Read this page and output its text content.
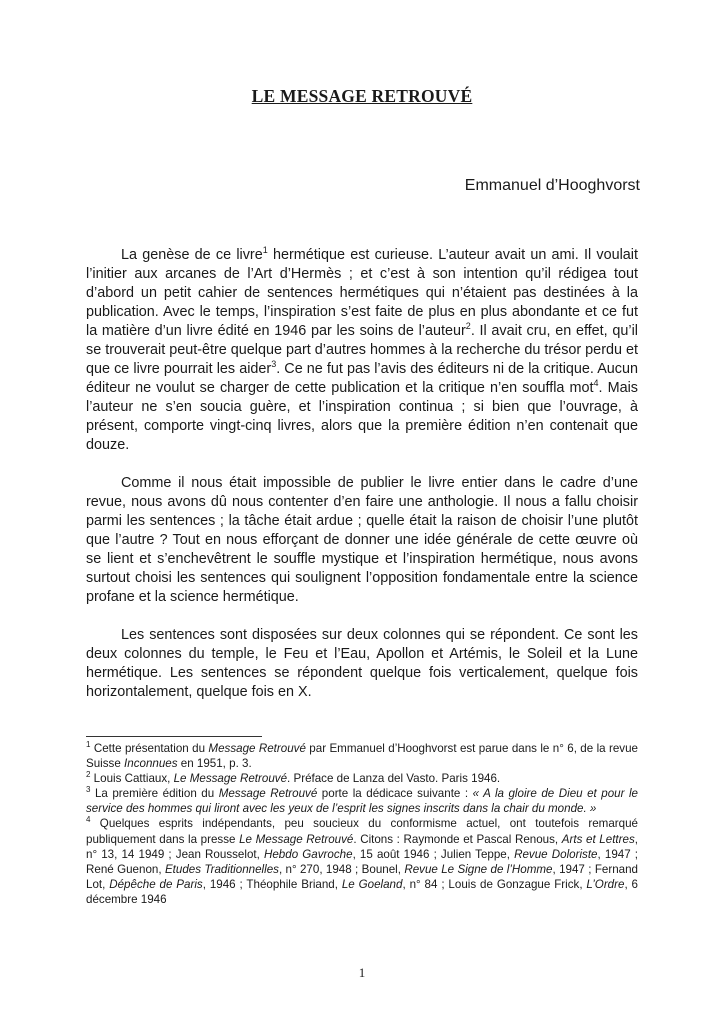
LE MESSAGE RETROUVÉ
Emmanuel d’Hooghvorst

La genèse de ce livre$^1$ hermétique est curieuse. L’auteur avait un ami. Il voulait l’initier aux arcanes de l’Art d’Hermès ; et c’est à son intention qu’il rédigea tout d’abord un petit cahier de sentences hermétiques qui n’étaient pas destinées à la publication. Avec le temps, l’inspiration s’est faite de plus en plus abondante et ce fut la matière d’un livre édité en 1946 par les soins de l’auteur$^2$. Il avait cru, en effet, qu’il se trouverait peut-être quelque part d’autres hommes à la recherche du trésor perdu et que ce livre pourrait les aider$^3$. Ce ne fut pas l’avis des éditeurs ni de la critique. Aucun éditeur ne voulut se charger de cette publication et la critique n’en souffla mot$^4$. Mais l’auteur ne s’en soucia guère, et l’inspiration continua ; si bien que l’ouvrage, à présent, comporte vingt-cinq livres, alors que la première édition n’en contenait que douze.

Comme il nous était impossible de publier le livre entier dans le cadre d’une revue, nous avons dû nous contenter d’en faire une anthologie. Il nous a fallu choisir parmi les sentences ; la tâche était ardue ; quelle était la raison de choisir l’une plutôt que l’autre ? Tout en nous efforçant de donner une idée générale de cette œuvre où se lient et s’enchevêtrent le souffle mystique et l’inspiration hermétique, nous avons surtout choisi les sentences qui soulignent l’opposition fondamentale entre la science profane et la science hermétique.

Les sentences sont disposées sur deux colonnes qui se répondent. Ce sont les deux colonnes du temple, le Feu et l’Eau, Apollon et Artémis, le Soleil et la Lune hermétique. Les sentences se répondent quelque fois verticalement, quelque fois horizontalement, quelque fois en X.

$^1$ Cette présentation du Message Retrouvé par Emmanuel d’Hooghvorst est parue dans le n° 6, de la revue Suisse Inconnues en 1951, p. 3.

$^2$ Louis Cattiaux, Le Message Retrouvé. Préface de Lanza del Vasto. Paris 1946.

$^3$ La première édition du Message Retrouvé porte la dédicace suivante : « A la gloire de Dieu et pour le service des hommes qui liront avec les yeux de l’esprit les signes inscrits dans la chair du monde. »

$^4$ Quelques esprits indépendants, peu soucieux du conformisme actuel, ont toutefois remarqué publiquement dans la presse Le Message Retrouvé. Citons : Raymonde et Pascal Renous, Arts et Lettres, n° 13, 14 1949 ; Jean Rousselot, Hebdo Gavroche, 15 août 1946 ; Julien Teppe, Revue Doloriste, 1947 ; René Guenon, Etudes Traditionnelles, n° 270, 1948 ; Bounel, Revue Le Signe de l’Homme, 1947 ; Fernand Lot, Dépêche de Paris, 1946 ; Théophile Briand, Le Goeland, n° 84 ; Louis de Gonzague Frick, L’Ordre, 6 décembre 1946

1
